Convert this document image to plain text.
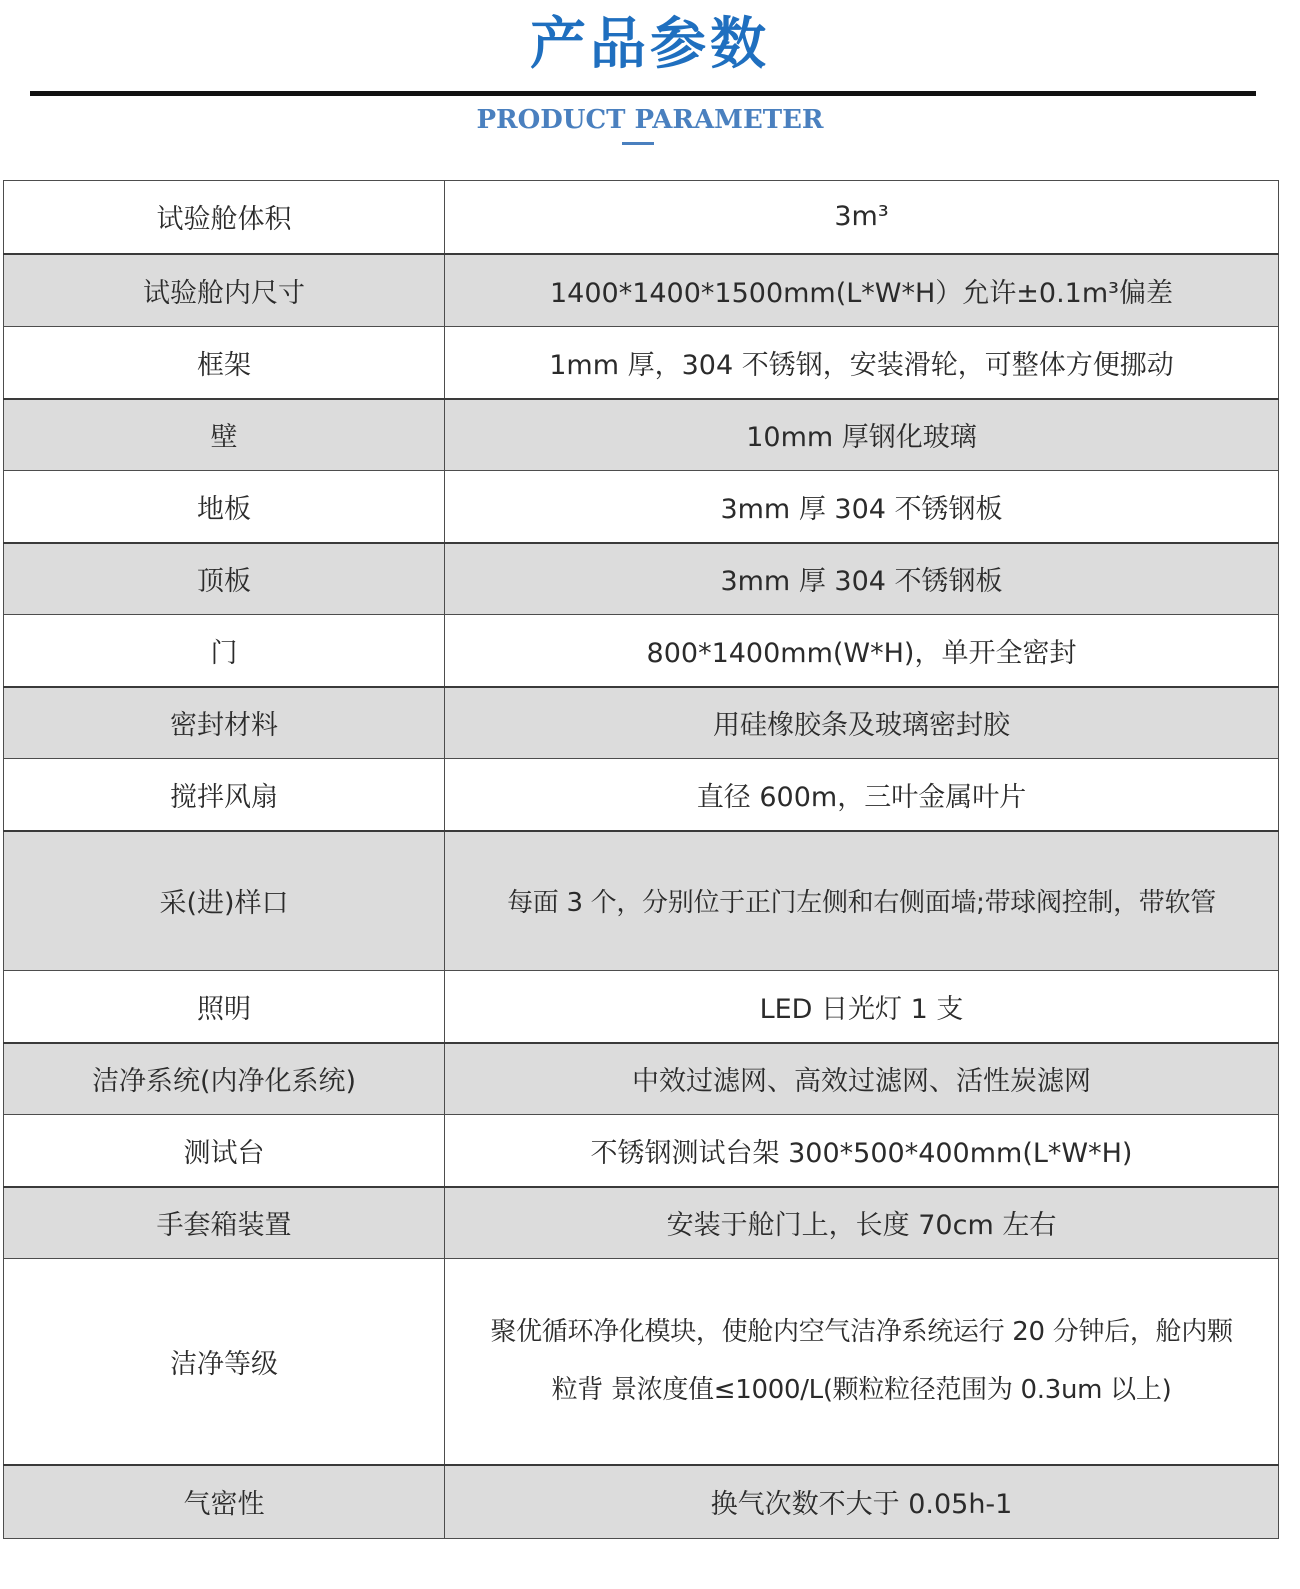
产品参数
PRODUCT PARAMETER
试验舱体积	3m³
试验舱内尺寸	1400*1400*1500mm(L*W*H）允许±0.1m³偏差
框架	1mm 厚，304 不锈钢，安装滑轮，可整体方便挪动
壁	10mm 厚钢化玻璃
地板	3mm 厚 304 不锈钢板
顶板	3mm 厚 304 不锈钢板
门	800*1400mm(W*H)，单开全密封
密封材料	用硅橡胶条及玻璃密封胶
搅拌风扇	直径 600m，三叶金属叶片
采(进)样口	每面 3 个，分别位于正门左侧和右侧面墙;带球阀控制，带软管
照明	LED 日光灯 1 支
洁净系统(内净化系统)	中效过滤网、高效过滤网、活性炭滤网
测试台	不锈钢测试台架 300*500*400mm(L*W*H)
手套箱装置	安装于舱门上，长度 70cm 左右
洁净等级	聚优循环净化模块，使舱内空气洁净系统运行 20 分钟后，舱内颗
粒背 景浓度值≤1000/L(颗粒粒径范围为 0.3um 以上)

气密性	换气次数不大于 0.05h-1
